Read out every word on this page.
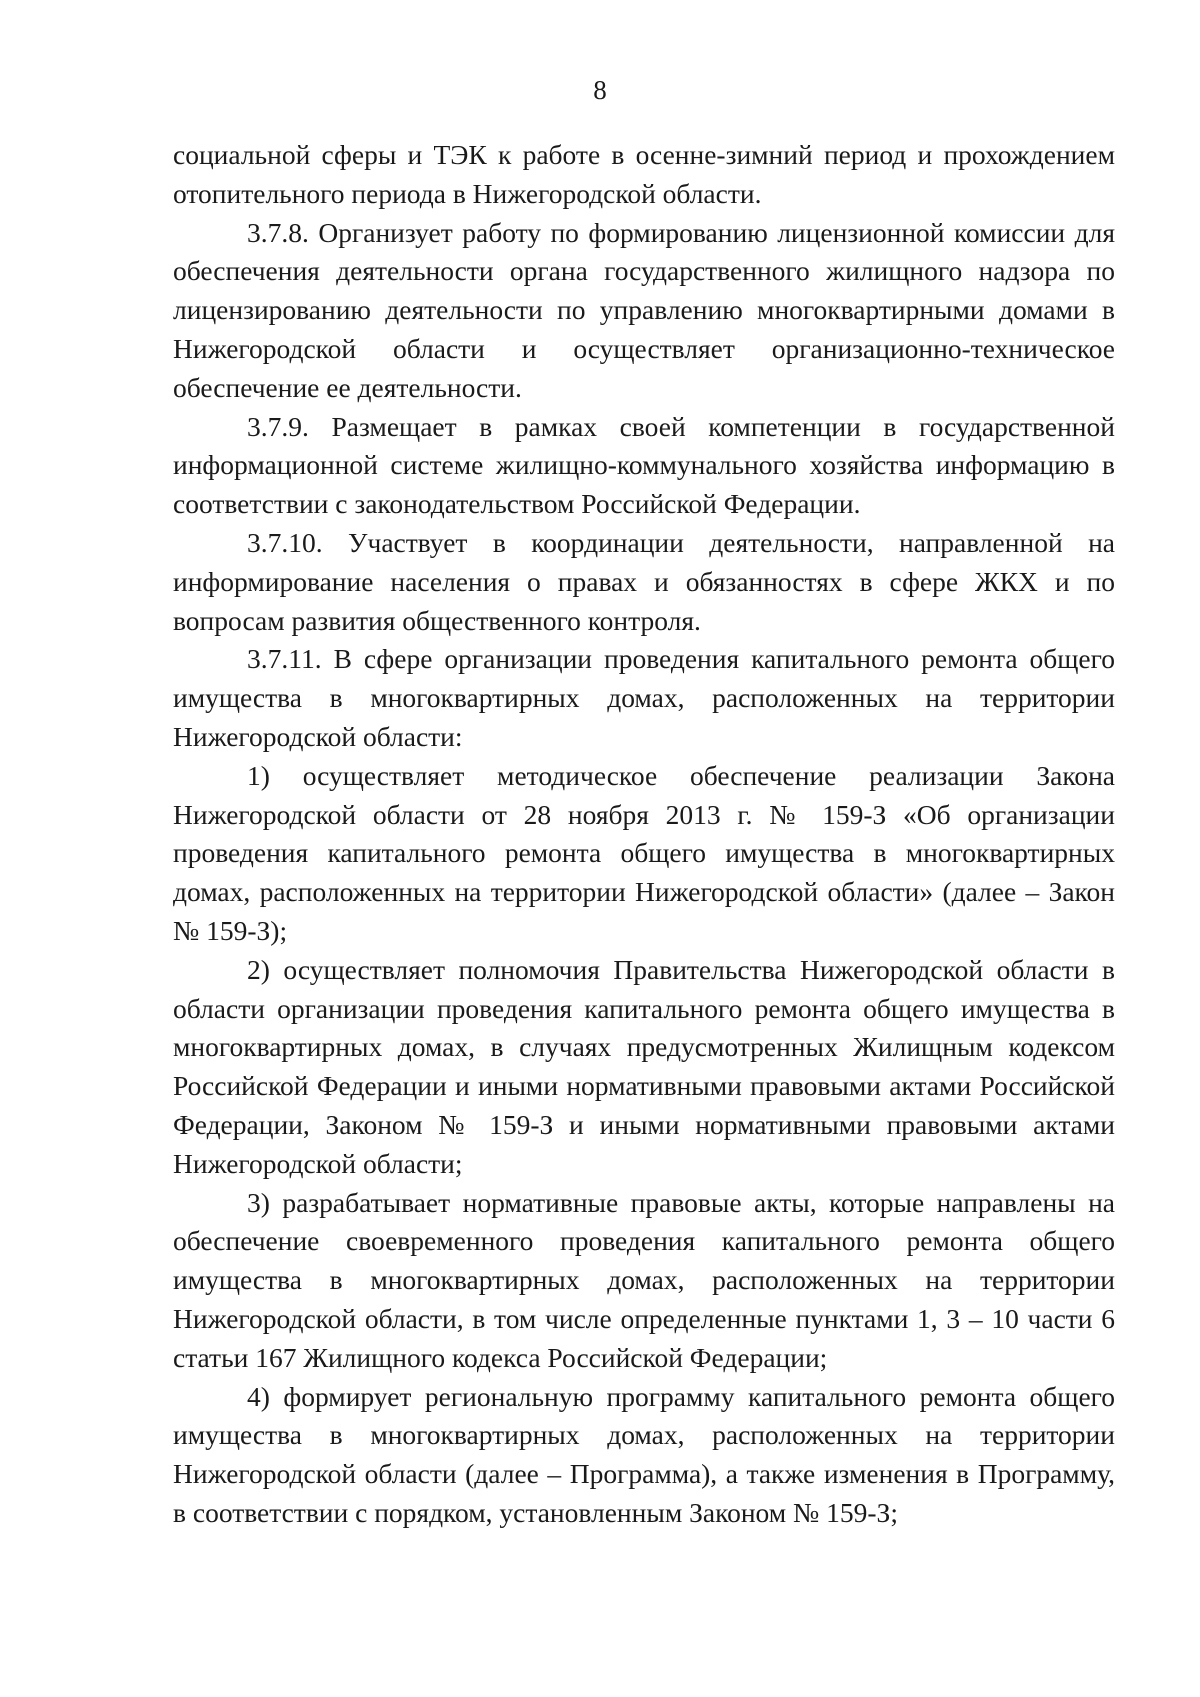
8

социальной сферы и ТЭК к работе в осенне-зимний период и прохождением отопительного периода в Нижегородской области.

3.7.8. Организует работу по формированию лицензионной комиссии для обеспечения деятельности органа государственного жилищного надзора по лицензированию деятельности по управлению многоквартирными домами в Нижегородской области и осуществляет организационно-техническое обеспечение ее деятельности.

3.7.9. Размещает в рамках своей компетенции в государственной информационной системе жилищно-коммунального хозяйства информацию в соответствии с законодательством Российской Федерации.

3.7.10. Участвует в координации деятельности, направленной на информирование населения о правах и обязанностях в сфере ЖКХ и по вопросам развития общественного контроля.

3.7.11. В сфере организации проведения капитального ремонта общего имущества в многоквартирных домах, расположенных на территории Нижегородской области:

1) осуществляет методическое обеспечение реализации Закона Нижегородской области от 28 ноября 2013 г. № 159-З «Об организации проведения капитального ремонта общего имущества в многоквартирных домах, расположенных на территории Нижегородской области» (далее – Закон № 159-З);

2) осуществляет полномочия Правительства Нижегородской области в области организации проведения капитального ремонта общего имущества в многоквартирных домах, в случаях предусмотренных Жилищным кодексом Российской Федерации и иными нормативными правовыми актами Российской Федерации, Законом № 159-З и иными нормативными правовыми актами Нижегородской области;

3) разрабатывает нормативные правовые акты, которые направлены на обеспечение своевременного проведения капитального ремонта общего имущества в многоквартирных домах, расположенных на территории Нижегородской области, в том числе определенные пунктами 1, 3 – 10 части 6 статьи 167 Жилищного кодекса Российской Федерации;

4) формирует региональную программу капитального ремонта общего имущества в многоквартирных домах, расположенных на территории Нижегородской области (далее – Программа), а также изменения в Программу, в соответствии с порядком, установленным Законом № 159-З;
